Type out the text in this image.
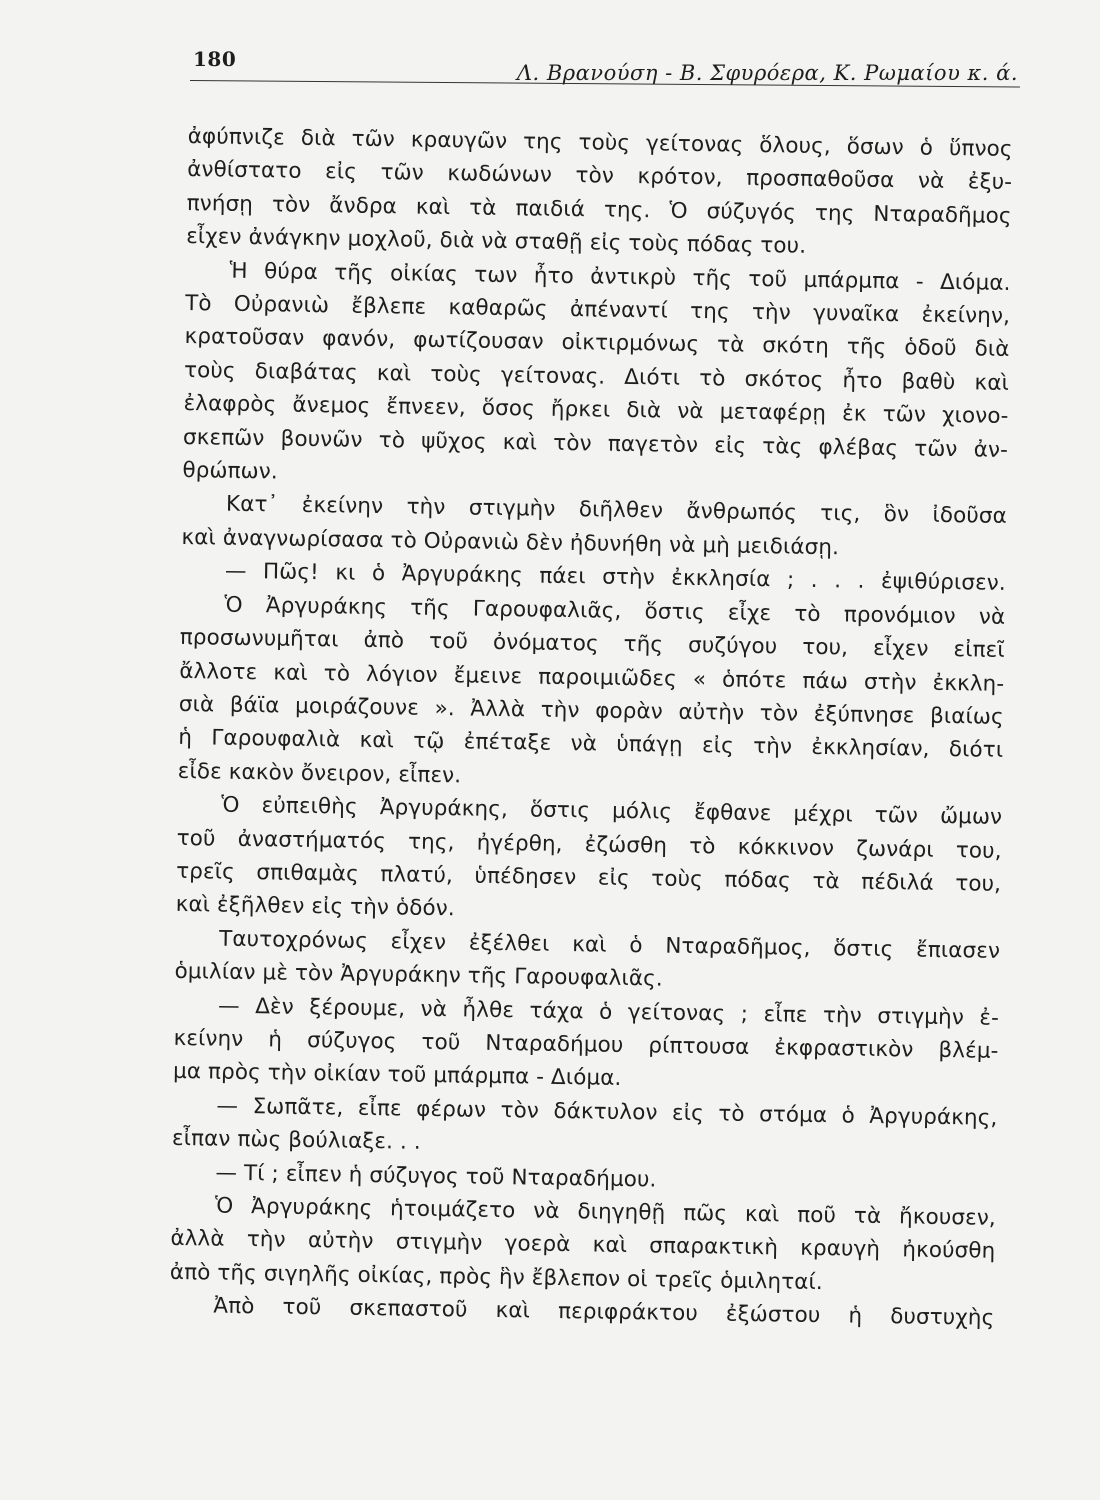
180
Λ. Βρανούση - Β. Σφυρόερα, Κ. Ρωμαίου κ. ά.
ἀφύπνιζε διὰ τῶν κραυγῶν της τοὺς γείτονας ὅλους, ὅσων ὁ ὕπνος
ἀνθίστατο εἰς τῶν κωδώνων τὸν κρότον, προσπαθοῦσα νὰ ἐξυ-
πνήσῃ τὸν ἄνδρα καὶ τὰ παιδιά της. Ὁ σύζυγός της Νταραδῆμος
εἶχεν ἀνάγκην μοχλοῦ, διὰ νὰ σταθῇ εἰς τοὺς πόδας του.
Ἡ θύρα τῆς οἰκίας των ἦτο ἀντικρὺ τῆς τοῦ μπάρμπα - Διόμα.
Τὸ Οὐρανιὼ ἔβλεπε καθαρῶς ἀπέναντί της τὴν γυναῖκα ἐκείνην,
κρατοῦσαν φανόν, φωτίζουσαν οἰκτιρμόνως τὰ σκότη τῆς ὁδοῦ διὰ
τοὺς διαβάτας καὶ τοὺς γείτονας. Διότι τὸ σκότος ἦτο βαθὺ καὶ
ἐλαφρὸς ἄνεμος ἔπνεεν, ὅσος ἤρκει διὰ νὰ μεταφέρῃ ἐκ τῶν χιονο-
σκεπῶν βουνῶν τὸ ψῦχος καὶ τὸν παγετὸν εἰς τὰς φλέβας τῶν ἀν-
θρώπων.
Κατ᾽ ἐκείνην τὴν στιγμὴν διῆλθεν ἄνθρωπός τις, ὃν ἰδοῦσα
καὶ ἀναγνωρίσασα τὸ Οὐρανιὼ δὲν ἠδυνήθη νὰ μὴ μειδιάσῃ.
— Πῶς! κι ὁ Ἀργυράκης πάει στὴν ἐκκλησία ; . . . ἐψιθύρισεν.
Ὁ Ἀργυράκης τῆς Γαρουφαλιᾶς, ὅστις εἶχε τὸ προνόμιον νὰ
προσωνυμῆται ἀπὸ τοῦ ὀνόματος τῆς συζύγου του, εἶχεν εἰπεῖ
ἄλλοτε καὶ τὸ λόγιον ἔμεινε παροιμιῶδες « ὁπότε πάω στὴν ἐκκλη-
σιὰ βάϊα μοιράζουνε ». Ἀλλὰ τὴν φορὰν αὐτὴν τὸν ἐξύπνησε βιαίως
ἡ Γαρουφαλιὰ καὶ τῷ ἐπέταξε νὰ ὑπάγῃ εἰς τὴν ἐκκλησίαν, διότι
εἶδε κακὸν ὄνειρον, εἶπεν.
Ὁ εὐπειθὴς Ἀργυράκης, ὅστις μόλις ἔφθανε μέχρι τῶν ὤμων
τοῦ ἀναστήματός της, ἠγέρθη, ἐζώσθη τὸ κόκκινον ζωνάρι του,
τρεῖς σπιθαμὰς πλατύ, ὑπέδησεν εἰς τοὺς πόδας τὰ πέδιλά του,
καὶ ἐξῆλθεν εἰς τὴν ὁδόν.
Ταυτοχρόνως εἶχεν ἐξέλθει καὶ ὁ Νταραδῆμος, ὅστις ἔπιασεν
ὁμιλίαν μὲ τὸν Ἀργυράκην τῆς Γαρουφαλιᾶς.
— Δὲν ξέρουμε, νὰ ἦλθε τάχα ὁ γείτονας ; εἶπε τὴν στιγμὴν ἐ-
κείνην ἡ σύζυγος τοῦ Νταραδήμου ρίπτουσα ἐκφραστικὸν βλέμ-
μα πρὸς τὴν οἰκίαν τοῦ μπάρμπα - Διόμα.
— Σωπᾶτε, εἶπε φέρων τὸν δάκτυλον εἰς τὸ στόμα ὁ Ἀργυράκης,
εἶπαν πὼς βούλιαξε. . .
— Τί ; εἶπεν ἡ σύζυγος τοῦ Νταραδήμου.
Ὁ Ἀργυράκης ἡτοιμάζετο νὰ διηγηθῇ πῶς καὶ ποῦ τὰ ἤκουσεν,
ἀλλὰ τὴν αὐτὴν στιγμὴν γοερὰ καὶ σπαρακτικὴ κραυγὴ ἠκούσθη
ἀπὸ τῆς σιγηλῆς οἰκίας, πρὸς ἣν ἔβλεπον οἱ τρεῖς ὁμιληταί.
Ἀπὸ τοῦ σκεπαστοῦ καὶ περιφράκτου ἐξώστου ἡ δυστυχὴς
